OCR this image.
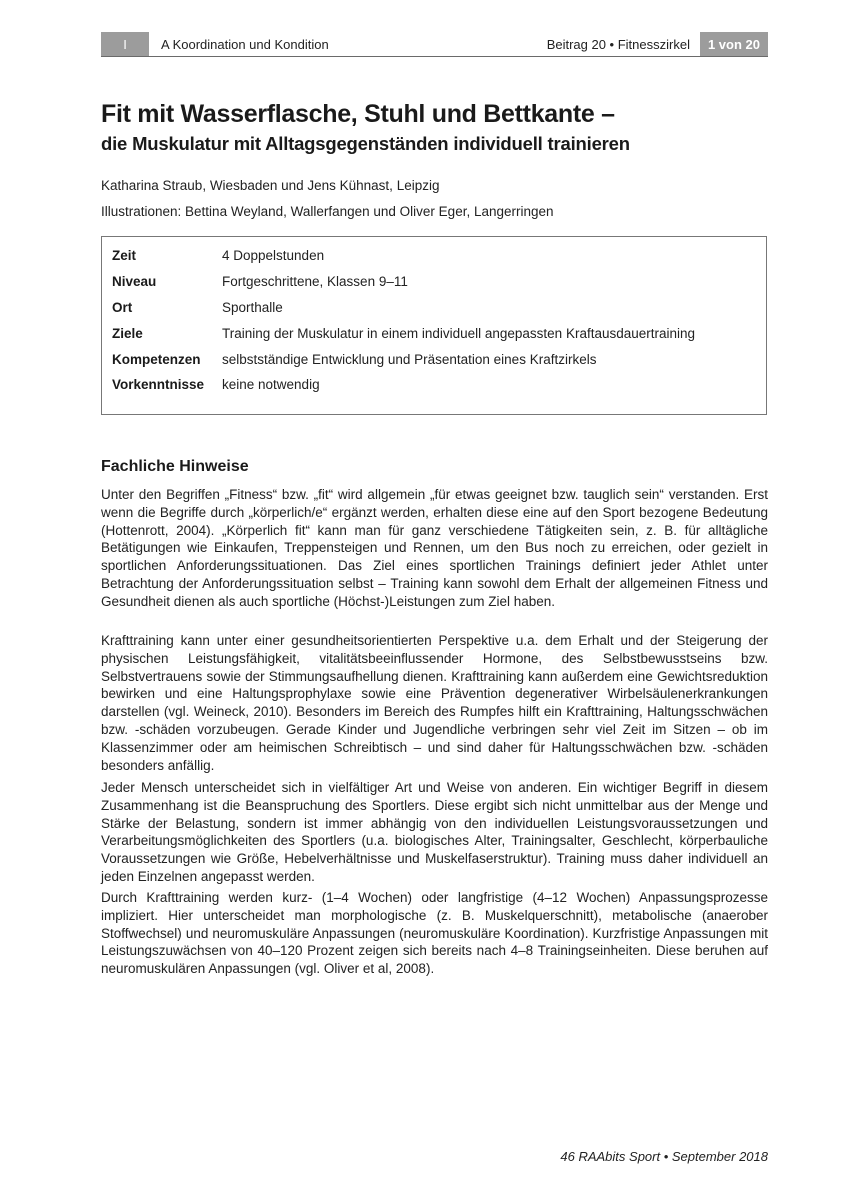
I	A Koordination und Kondition	Beitrag 20 • Fitnesszirkel	1 von 20
Fit mit Wasserflasche, Stuhl und Bettkante –
die Muskulatur mit Alltagsgegenständen individuell trainieren
Katharina Straub, Wiesbaden und Jens Kühnast, Leipzig
Illustrationen: Bettina Weyland, Wallerfangen und Oliver Eger, Langerringen
Zeit	4 Doppelstunden
Niveau	Fortgeschrittene, Klassen 9–11
Ort	Sporthalle
Ziele	Training der Muskulatur in einem individuell angepassten Kraftausdauertraining
Kompetenzen	selbstständige Entwicklung und Präsentation eines Kraftzirkels
Vorkenntnisse	keine notwendig
Fachliche Hinweise

Unter den Begriffen „Fitness“ bzw. „fit“ wird allgemein „für etwas geeignet bzw. tauglich sein“ verstanden. Erst wenn die Begriffe durch „körperlich/e“ ergänzt werden, erhalten diese eine auf den Sport bezogene Bedeutung (Hottenrott, 2004). „Körperlich fit“ kann man für ganz verschiedene Tätigkeiten sein, z. B. für alltägliche Betätigungen wie Einkaufen, Treppensteigen und Rennen, um den Bus noch zu erreichen, oder gezielt in sportlichen Anforderungssituationen. Das Ziel eines sportlichen Trainings definiert jeder Athlet unter Betrachtung der Anforderungssituation selbst – Training kann sowohl dem Erhalt der allgemeinen Fitness und Gesundheit dienen als auch sportliche (Höchst-)Leistungen zum Ziel haben.

Krafttraining kann unter einer gesundheitsorientierten Perspektive u.a. dem Erhalt und der Steigerung der physischen Leistungsfähigkeit, vitalitätsbeeinflussender Hormone, des Selbstbewusstseins bzw. Selbstvertrauens sowie der Stimmungsaufhellung dienen. Krafttraining kann außerdem eine Gewichtsreduktion bewirken und eine Haltungsprophylaxe sowie eine Prävention degenerativer Wirbelsäulenerkrankungen darstellen (vgl. Weineck, 2010). Besonders im Bereich des Rumpfes hilft ein Krafttraining, Haltungsschwächen bzw. -schäden vorzubeugen. Gerade Kinder und Jugendliche verbringen sehr viel Zeit im Sitzen – ob im Klassenzimmer oder am heimischen Schreibtisch – und sind daher für Haltungsschwächen bzw. -schäden besonders anfällig.

Jeder Mensch unterscheidet sich in vielfältiger Art und Weise von anderen. Ein wichtiger Begriff in diesem Zusammenhang ist die Beanspruchung des Sportlers. Diese ergibt sich nicht unmittelbar aus der Menge und Stärke der Belastung, sondern ist immer abhängig von den individuellen Leistungsvoraussetzungen und Verarbeitungsmöglichkeiten des Sportlers (u.a. biologisches Alter, Trainingsalter, Geschlecht, körperbauliche Voraussetzungen wie Größe, Hebelverhältnisse und Muskelfaserstruktur). Training muss daher individuell an jeden Einzelnen angepasst werden.

Durch Krafttraining werden kurz- (1–4 Wochen) oder langfristige (4–12 Wochen) Anpassungsprozesse impliziert. Hier unterscheidet man morphologische (z. B. Muskelquerschnitt), metabolische (anaerober Stoffwechsel) und neuromuskuläre Anpassungen (neuromuskuläre Koordination). Kurzfristige Anpassungen mit Leistungszuwächsen von 40–120 Prozent zeigen sich bereits nach 4–8 Trainingseinheiten. Diese beruhen auf neuromuskulären Anpassungen (vgl. Oliver et al, 2008).

46 RAAbits Sport • September 2018
